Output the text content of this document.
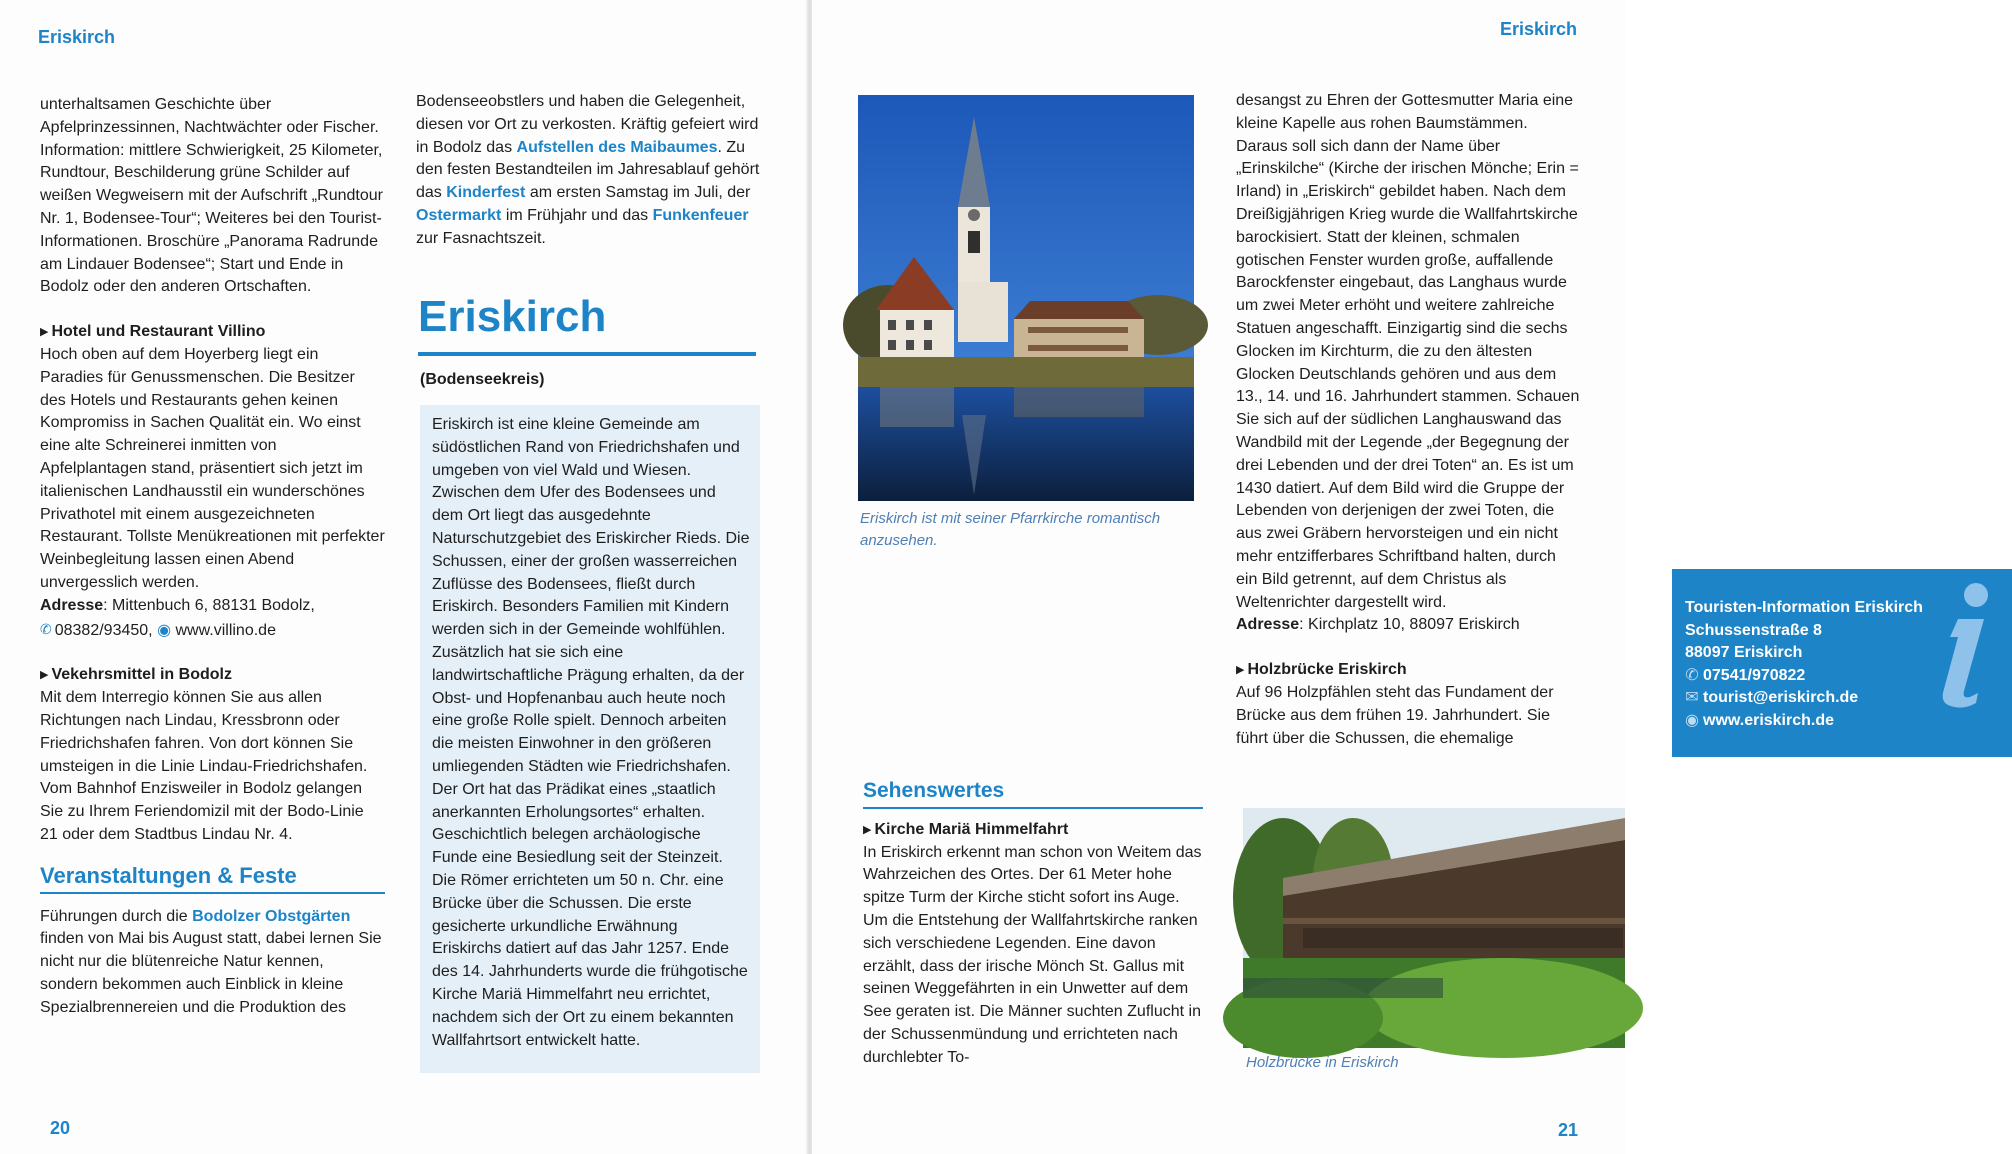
Eriskirch

unterhaltsamen Geschichte über Apfelprinzessinnen, Nachtwächter oder Fischer. Information: mittlere Schwierigkeit, 25 Kilometer, Rundtour, Beschilderung grüne Schilder auf weißen Wegweisern mit der Aufschrift „Rundtour Nr. 1, Bodensee-Tour“; Weiteres bei den Tourist-Informationen. Broschüre „Panorama Radrunde am Lindauer Bodensee“; Start und Ende in Bodolz oder den anderen Ortschaften.

▶ Hotel und Restaurant Villino

Hoch oben auf dem Hoyerberg liegt ein Paradies für Genussmenschen. Die Besitzer des Hotels und Restaurants gehen keinen Kompromiss in Sachen Qualität ein. Wo einst eine alte Schreinerei inmitten von Apfelplantagen stand, präsentiert sich jetzt im italienischen Landhausstil ein wunderschönes Privathotel mit einem ausgezeichneten Restaurant. Tollste Menükreationen mit perfekter Weinbegleitung lassen einen Abend unvergesslich werden.

Adresse: Mittenbuch 6, 88131 Bodolz,

✆ 08382/93450, ◉ www.villino.de

▶ Vekehrsmittel in Bodolz

Mit dem Interregio können Sie aus allen Richtungen nach Lindau, Kressbronn oder Friedrichshafen fahren. Von dort können Sie umsteigen in die Linie Lindau-Friedrichshafen. Vom Bahnhof Enzisweiler in Bodolz gelangen Sie zu Ihrem Feriendomizil mit der Bodo-Linie 21 oder dem Stadtbus Lindau Nr. 4.

Veranstaltungen & Feste

Führungen durch die Bodolzer Obstgärten finden von Mai bis August statt, dabei lernen Sie nicht nur die blütenreiche Natur kennen, sondern bekommen auch Einblick in kleine Spezialbrennereien und die Produktion des

Bodenseeobstlers und haben die Gelegenheit, diesen vor Ort zu verkosten. Kräftig gefeiert wird in Bodolz das Aufstellen des Maibaumes. Zu den festen Bestandteilen im Jahresablauf gehört das Kinderfest am ersten Samstag im Juli, der Ostermarkt im Frühjahr und das Funkenfeuer zur Fasnachtszeit.

Eriskirch

(Bodenseekreis)

Eriskirch ist eine kleine Gemeinde am südöstlichen Rand von Friedrichshafen und umgeben von viel Wald und Wiesen. Zwischen dem Ufer des Bodensees und dem Ort liegt das ausgedehnte Naturschutzgebiet des Eriskircher Rieds. Die Schussen, einer der großen wasserreichen Zuflüsse des Bodensees, fließt durch Eriskirch. Besonders Familien mit Kindern werden sich in der Gemeinde wohlfühlen. Zusätzlich hat sie sich eine landwirtschaftliche Prägung erhalten, da der Obst- und Hopfenanbau auch heute noch eine große Rolle spielt. Dennoch arbeiten die meisten Einwohner in den größeren umliegenden Städten wie Friedrichshafen. Der Ort hat das Prädikat eines „staatlich anerkannten Erholungsortes“ erhalten. Geschichtlich belegen archäologische Funde eine Besiedlung seit der Steinzeit. Die Römer errichteten um 50 n. Chr. eine Brücke über die Schussen. Die erste gesicherte urkundliche Erwähnung Eriskirchs datiert auf das Jahr 1257. Ende des 14. Jahrhunderts wurde die frühgotische Kirche Mariä Himmelfahrt neu errichtet, nachdem sich der Ort zu einem bekannten Wallfahrtsort entwickelt hatte.

20
Eriskirch

Eriskirch ist mit seiner Pfarrkirche romantisch anzusehen.

Touristen-Information Eriskirch

Schussenstraße 8

88097 Eriskirch

✆ 07541/970822

✉ tourist@eriskirch.de

◉ www.eriskirch.de

i

Sehenswertes

▶ Kirche Mariä Himmelfahrt

In Eriskirch erkennt man schon von Weitem das Wahrzeichen des Ortes. Der 61 Meter hohe spitze Turm der Kirche sticht sofort ins Auge. Um die Entstehung der Wallfahrtskirche ranken sich verschiedene Legenden. Eine davon erzählt, dass der irische Mönch St. Gallus mit seinen Weggefährten in ein Unwetter auf dem See geraten ist. Die Männer suchten Zuflucht in der Schussenmündung und errichteten nach durchlebter To-

desangst zu Ehren der Gottesmutter Maria eine kleine Kapelle aus rohen Baumstämmen. Daraus soll sich dann der Name über „Erinskilche“ (Kirche der irischen Mönche; Erin = Irland) in „Eriskirch“ gebildet haben. Nach dem Dreißigjährigen Krieg wurde die Wallfahrtskirche barockisiert. Statt der kleinen, schmalen gotischen Fenster wurden große, auffallende Barockfenster eingebaut, das Langhaus wurde um zwei Meter erhöht und weitere zahlreiche Statuen angeschafft. Einzigartig sind die sechs Glocken im Kirchturm, die zu den ältesten Glocken Deutschlands gehören und aus dem 13., 14. und 16. Jahrhundert stammen. Schauen Sie sich auf der südlichen Langhauswand das Wandbild mit der Legende „der Begegnung der drei Lebenden und der drei Toten“ an. Es ist um 1430 datiert. Auf dem Bild wird die Gruppe der Lebenden von derjenigen der zwei Toten, die aus zwei Gräbern hervorsteigen und ein nicht mehr entzifferbares Schriftband halten, durch ein Bild getrennt, auf dem Christus als Weltenrichter dargestellt wird.

Adresse: Kirchplatz 10, 88097 Eriskirch

▶ Holzbrücke Eriskirch

Auf 96 Holzpfählen steht das Fundament der Brücke aus dem frühen 19. Jahrhundert. Sie führt über die Schussen, die ehemalige

Holzbrücke in Eriskirch

21
